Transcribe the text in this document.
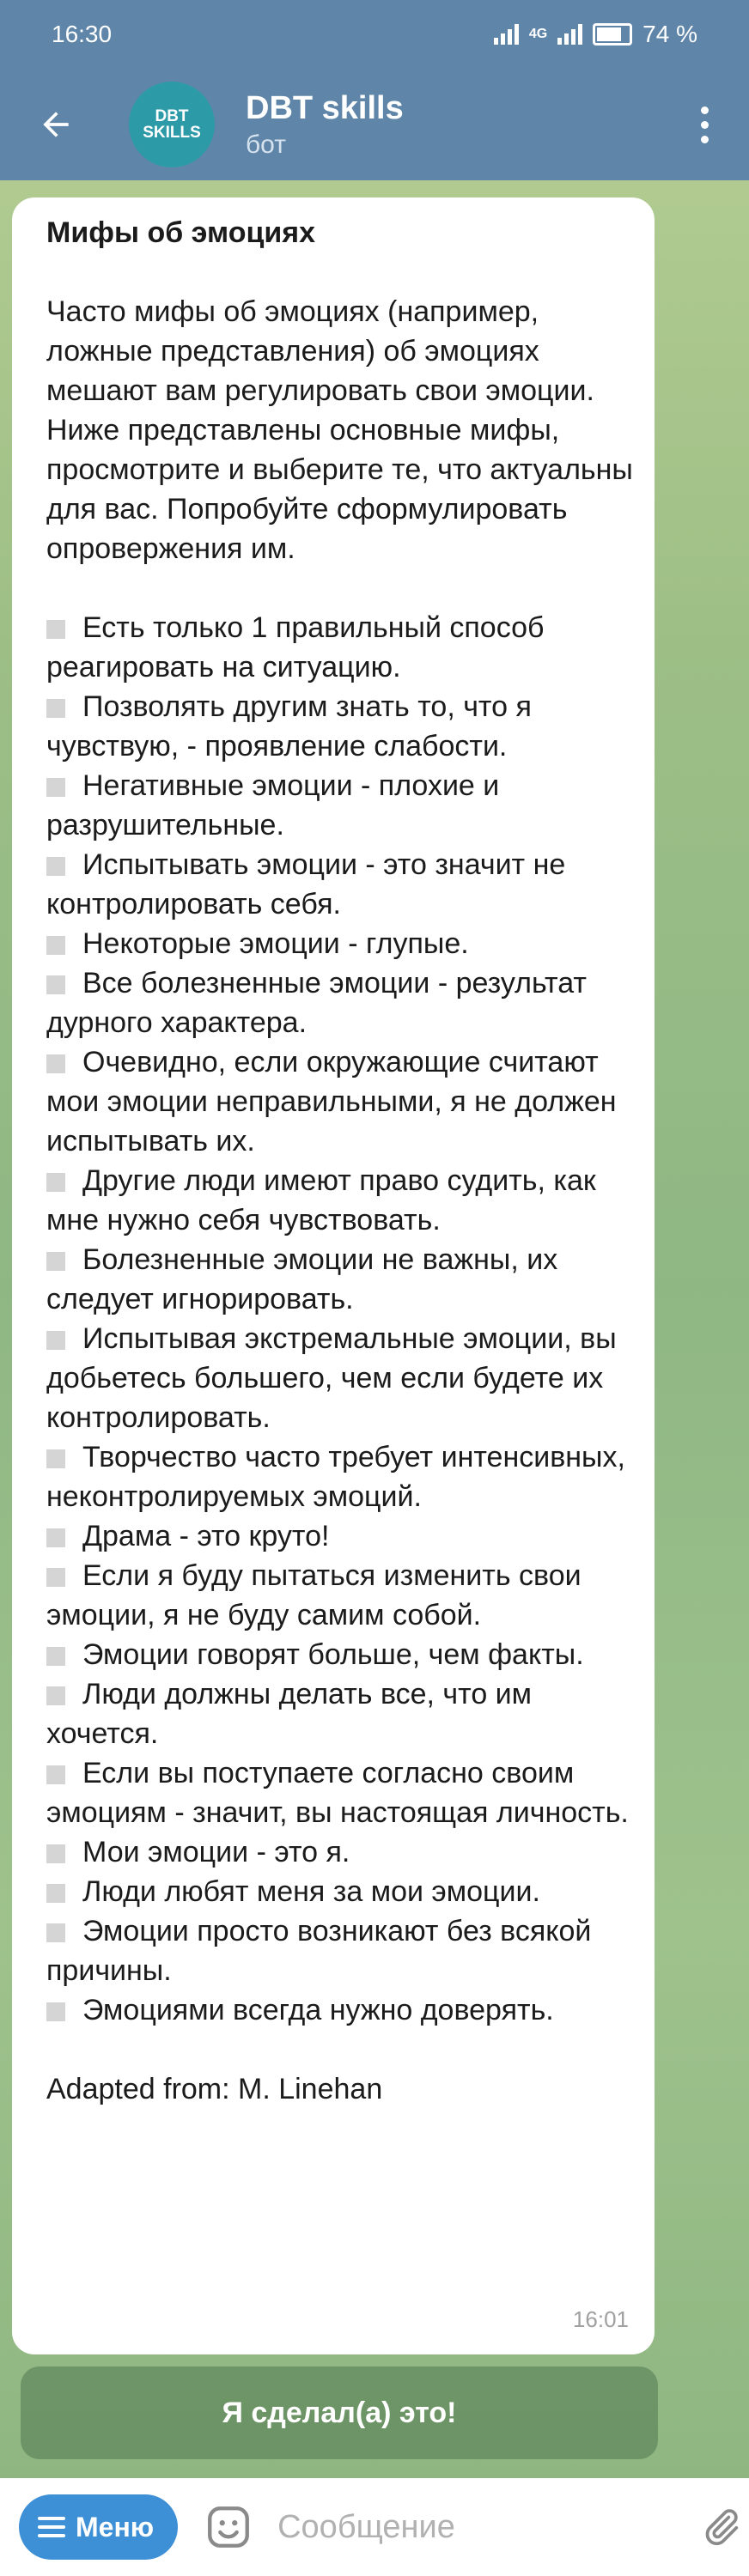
16:30	4G	74 %
DBT
SKILLS
DBT skills
бот
Мифы об эмоциях
Часто мифы об эмоциях (например, ложные представления) об эмоциях мешают вам регулировать свои эмоции.
Ниже представлены основные мифы, просмотрите и выберите те, что актуальны для вас. Попробуйте сформулировать опровержения им.
Есть только 1 правильный способ реагировать на ситуацию.
Позволять другим знать то, что я чувствую, - проявление слабости.
Негативные эмоции - плохие и разрушительные.
Испытывать эмоции - это значит не контролировать себя.
Некоторые эмоции - глупые.
Все болезненные эмоции - результат дурного характера.
Очевидно, если окружающие считают мои эмоции неправильными, я не должен испытывать их.
Другие люди имеют право судить, как мне нужно себя чувствовать.
Болезненные эмоции не важны, их следует игнорировать.
Испытывая экстремальные эмоции, вы добьетесь большего, чем если будете их контролировать.
Творчество часто требует интенсивных, неконтролируемых эмоций.
Драма - это круто!
Если я буду пытаться изменить свои эмоции, я не буду самим собой.
Эмоции говорят больше, чем факты.
Люди должны делать все, что им хочется.
Если вы поступаете согласно своим эмоциям - значит, вы настоящая личность.
Мои эмоции - это я.
Люди любят меня за мои эмоции.
Эмоции просто возникают без всякой причины.
Эмоциями всегда нужно доверять.
Adapted from: M. Linehan
16:01
Я сделал(а) это!
Меню
Сообщение
